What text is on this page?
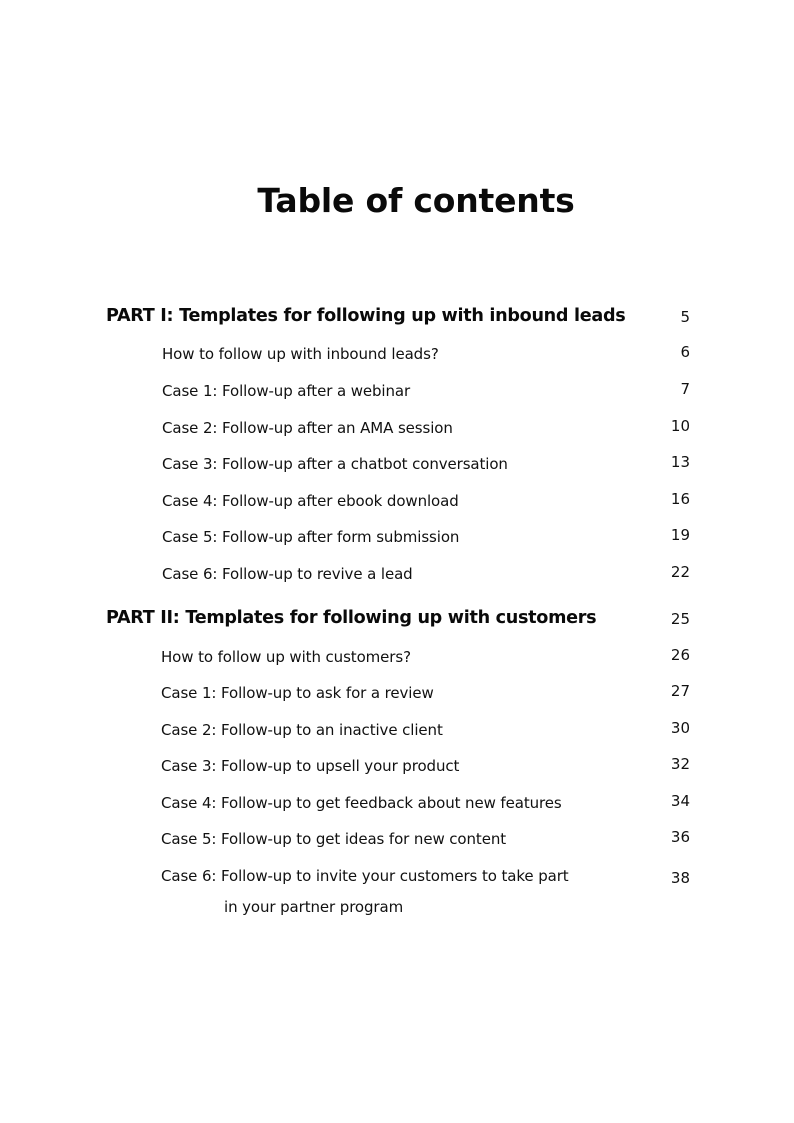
Table of contents
PART I: Templates for following up with inbound leads	5
How to follow up with inbound leads?	6
Case 1: Follow-up after a webinar	7
Case 2: Follow-up after an AMA session	10
Case 3: Follow-up after a chatbot conversation	13
Case 4: Follow-up after ebook download	16
Case 5: Follow-up after form submission	19
Case 6: Follow-up to revive a lead	22
PART II: Templates for following up with customers	25
How to follow up with customers?	26
Case 1: Follow-up to ask for a review	27
Case 2: Follow-up to an inactive client	30
Case 3: Follow-up to upsell your product	32
Case 4: Follow-up to get feedback about new features	34
Case 5: Follow-up to get ideas for new content	36
Case 6: Follow-up to invite your customers to take part	38
in your partner program
